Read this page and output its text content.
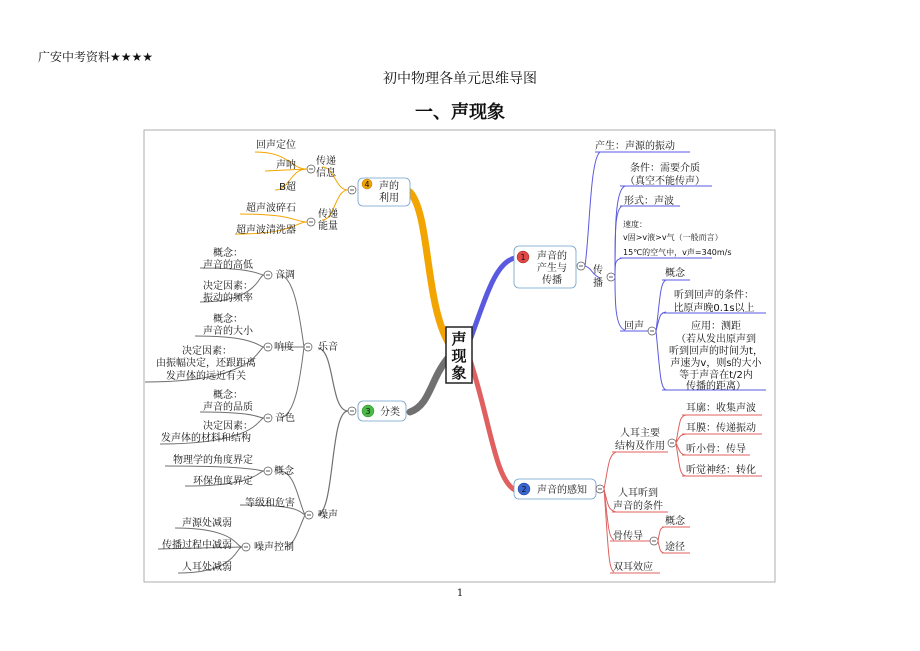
广安中考资料★★★★
初中物理各单元思维导图
一、声现象
声
现
象
4 声的
利用
传递
信息
回声定位
声呐
B超
传递
能量
超声波碎石
超声波清洗器
3 分类
乐音
音调
概念：
声音的高低
决定因素：
振动的频率
响度
概念：
声音的大小
决定因素：
由振幅决定，还跟距离
发声体的远近有关
音色
概念：
声音的品质
决定因素：
发声体的材料和结构
噪声
概念
物理学的角度界定
环保角度界定
等级和危害
噪声控制
声源处减弱
传播过程中减弱
人耳处减弱
1 声音的
产生与
传播
产生：声源的振动
传
播
条件：需要介质
（真空不能传声）
形式：声波
速度：
v固>v液>v气（一般而言）
15℃的空气中，v声=340m/s
回声
概念
听到回声的条件：
比原声晚0.1s以上
应用：测距
（若从发出原声到
听到回声的时间为t，
声速为v，则s的大小
等于声音在t/2内
传播的距离）
2 声音的感知
人耳主要
结构及作用
耳廓：收集声波
耳膜：传递振动
听小骨：传导
听觉神经：转化
人耳听到
声音的条件
骨传导
概念
途径
双耳效应
1
